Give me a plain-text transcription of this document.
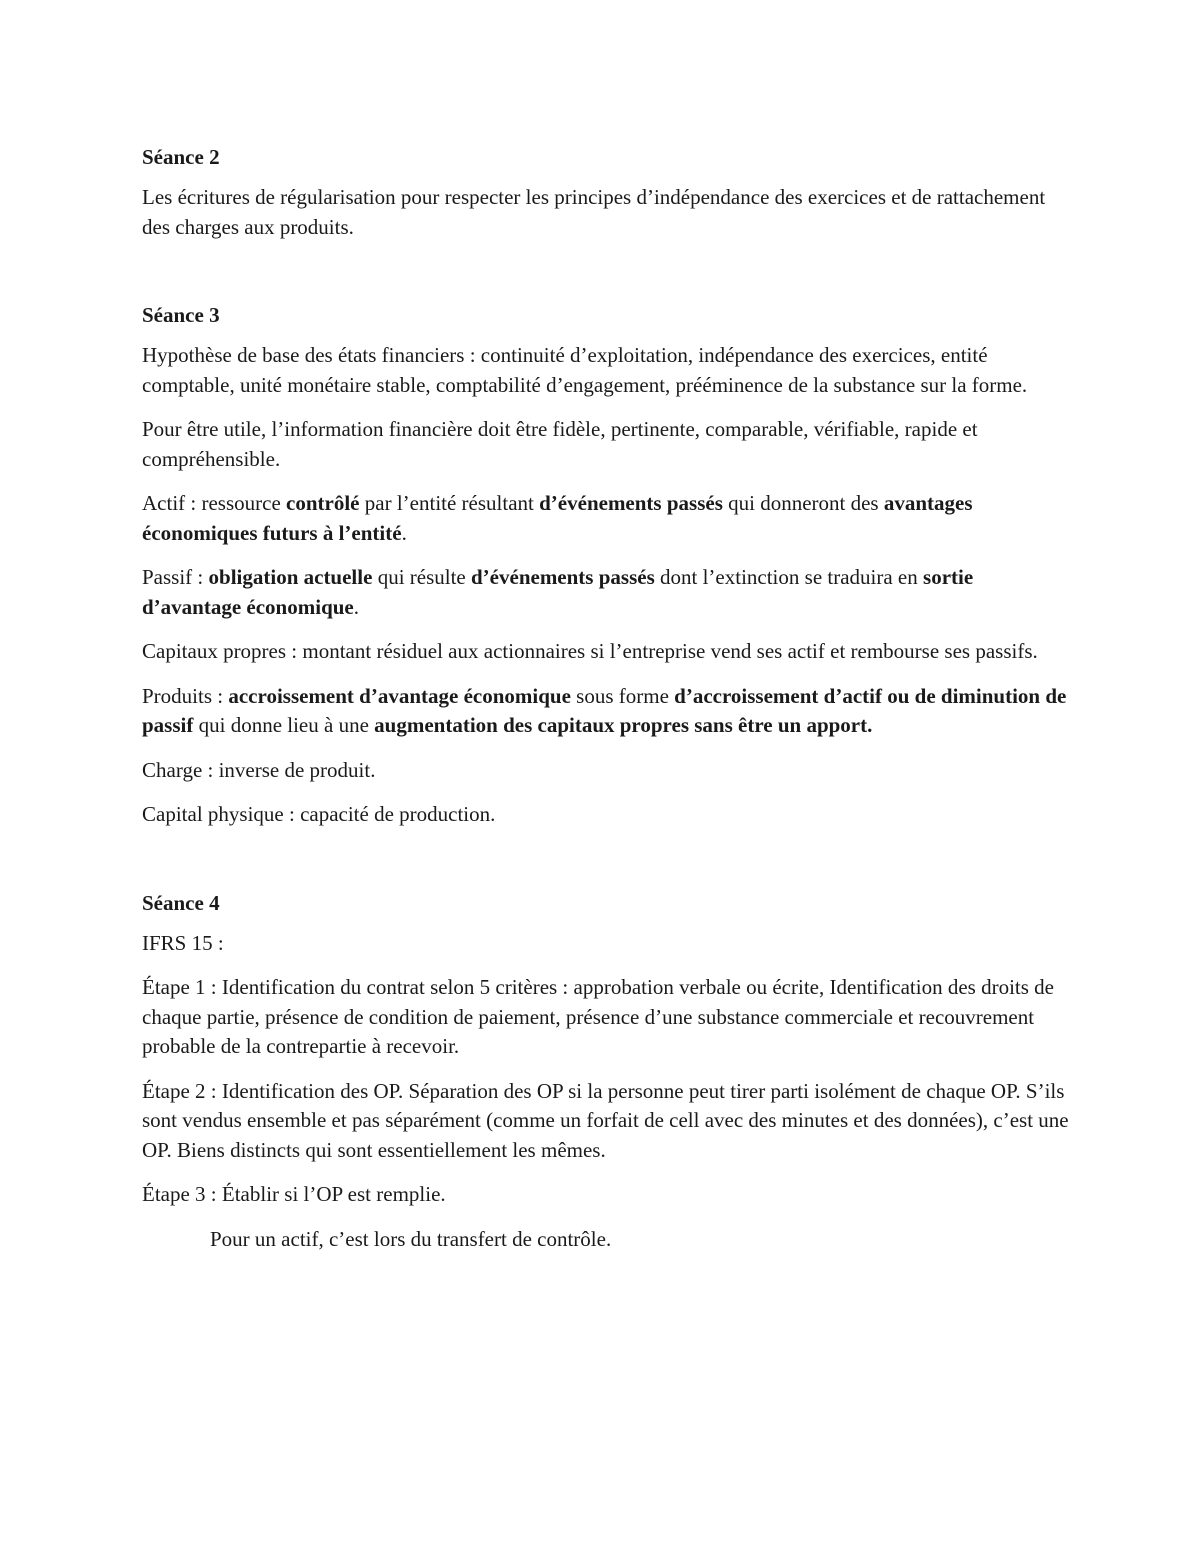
Séance 2

Les écritures de régularisation pour respecter les principes d’indépendance des exercices et de rattachement des charges aux produits.

Séance 3

Hypothèse de base des états financiers : continuité d’exploitation, indépendance des exercices, entité comptable, unité monétaire stable, comptabilité d’engagement, prééminence de la substance sur la forme.

Pour être utile, l’information financière doit être fidèle, pertinente, comparable, vérifiable, rapide et compréhensible.

Actif : ressource contrôlé par l’entité résultant d’événements passés qui donneront des avantages économiques futurs à l’entité.

Passif : obligation actuelle qui résulte d’événements passés dont l’extinction se traduira en sortie d’avantage économique.

Capitaux propres : montant résiduel aux actionnaires si l’entreprise vend ses actif et rembourse ses passifs.

Produits : accroissement d’avantage économique sous forme d’accroissement d’actif ou de diminution de passif qui donne lieu à une augmentation des capitaux propres sans être un apport.

Charge : inverse de produit.

Capital physique : capacité de production.

Séance 4

IFRS 15 :

Étape 1 : Identification du contrat selon 5 critères : approbation verbale ou écrite, Identification des droits de chaque partie, présence de condition de paiement, présence d’une substance commerciale et recouvrement probable de la contrepartie à recevoir.

Étape 2 : Identification des OP. Séparation des OP si la personne peut tirer parti isolément de chaque OP. S’ils sont vendus ensemble et pas séparément (comme un forfait de cell avec des minutes et des données), c’est une OP. Biens distincts qui sont essentiellement les mêmes.

Étape 3 : Établir si l’OP est remplie.

Pour un actif, c’est lors du transfert de contrôle.
